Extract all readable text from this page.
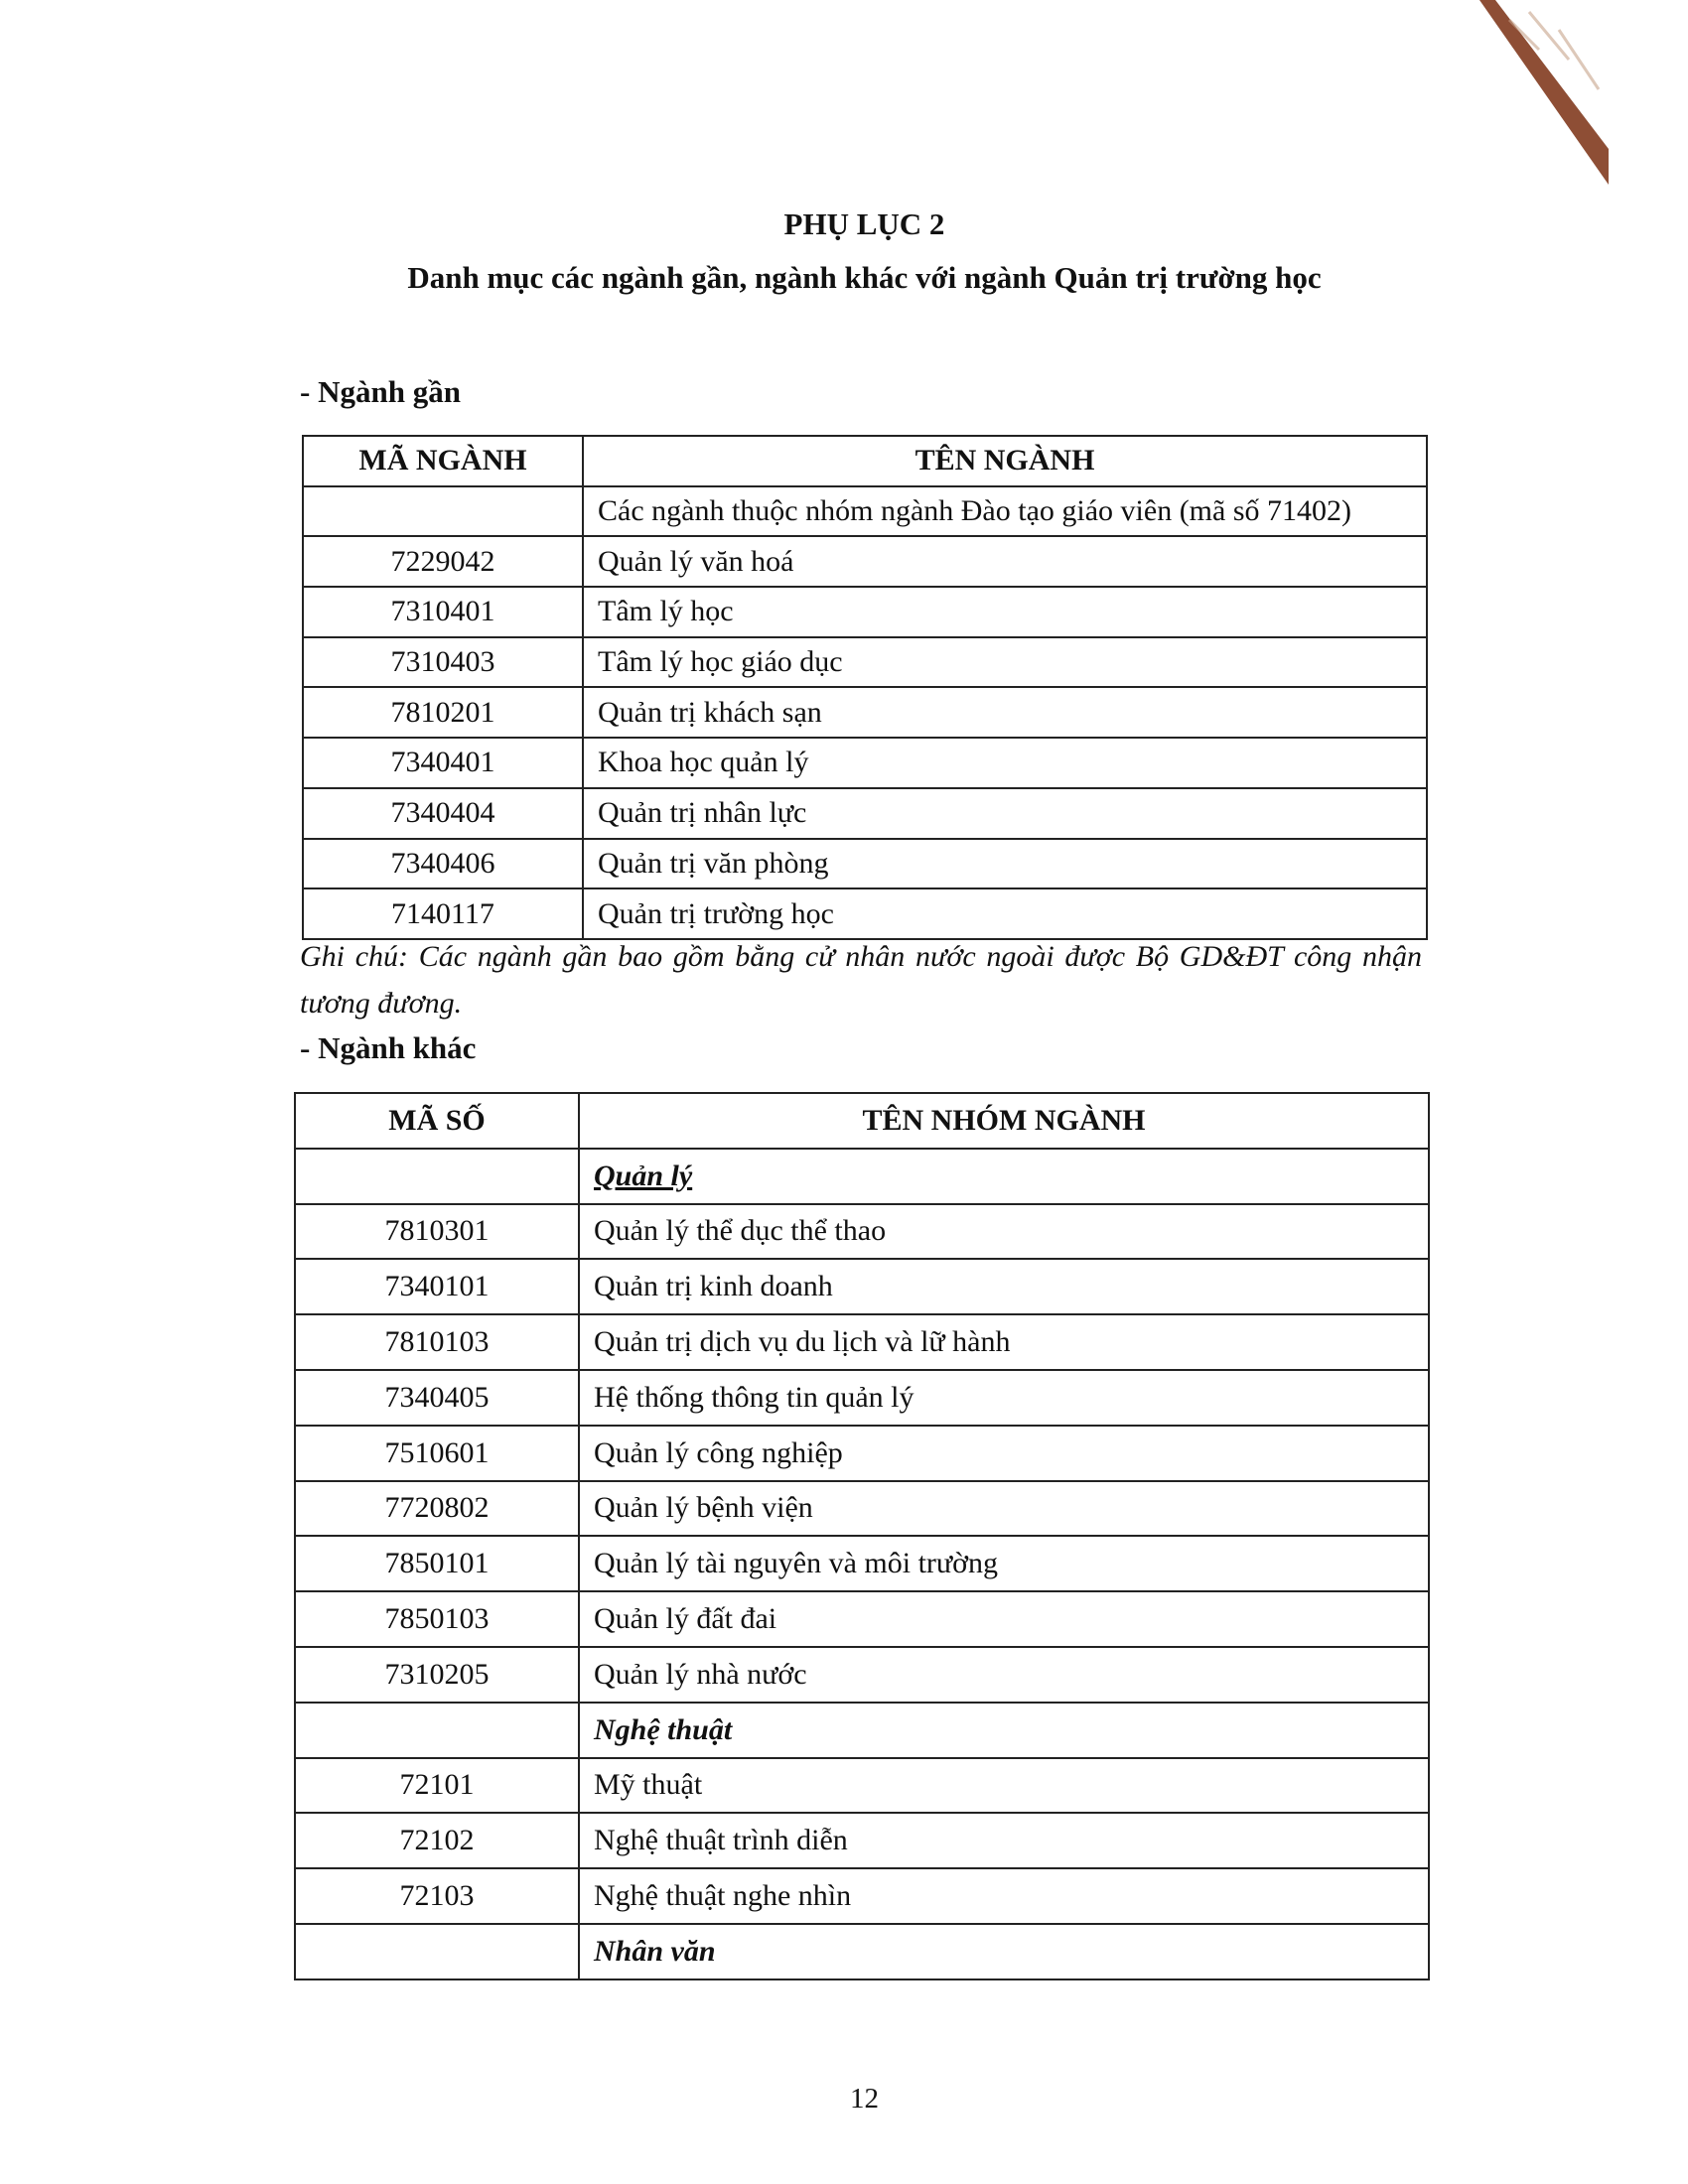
PHỤ LỤC 2
Danh mục các ngành gần, ngành khác với ngành Quản trị trường học

- Ngành gần

MÃ NGÀNH	TÊN NGÀNH
	Các ngành thuộc nhóm ngành Đào tạo giáo viên (mã số 71402)
7229042	Quản lý văn hoá
7310401	Tâm lý học
7310403	Tâm lý học giáo dục
7810201	Quản trị khách sạn
7340401	Khoa học quản lý
7340404	Quản trị nhân lực
7340406	Quản trị văn phòng
7140117	Quản trị trường học

Ghi chú: Các ngành gần bao gồm bằng cử nhân nước ngoài được Bộ GD&ĐT công nhận tương đương.

- Ngành khác

MÃ SỐ	TÊN NHÓM NGÀNH
	Quản lý
7810301	Quản lý thể dục thể thao
7340101	Quản trị kinh doanh
7810103	Quản trị dịch vụ du lịch và lữ hành
7340405	Hệ thống thông tin quản lý
7510601	Quản lý công nghiệp
7720802	Quản lý bệnh viện
7850101	Quản lý tài nguyên và môi trường
7850103	Quản lý đất đai
7310205	Quản lý nhà nước
	Nghệ thuật
72101	Mỹ thuật
72102	Nghệ thuật trình diễn
72103	Nghệ thuật nghe nhìn
	Nhân văn

12
